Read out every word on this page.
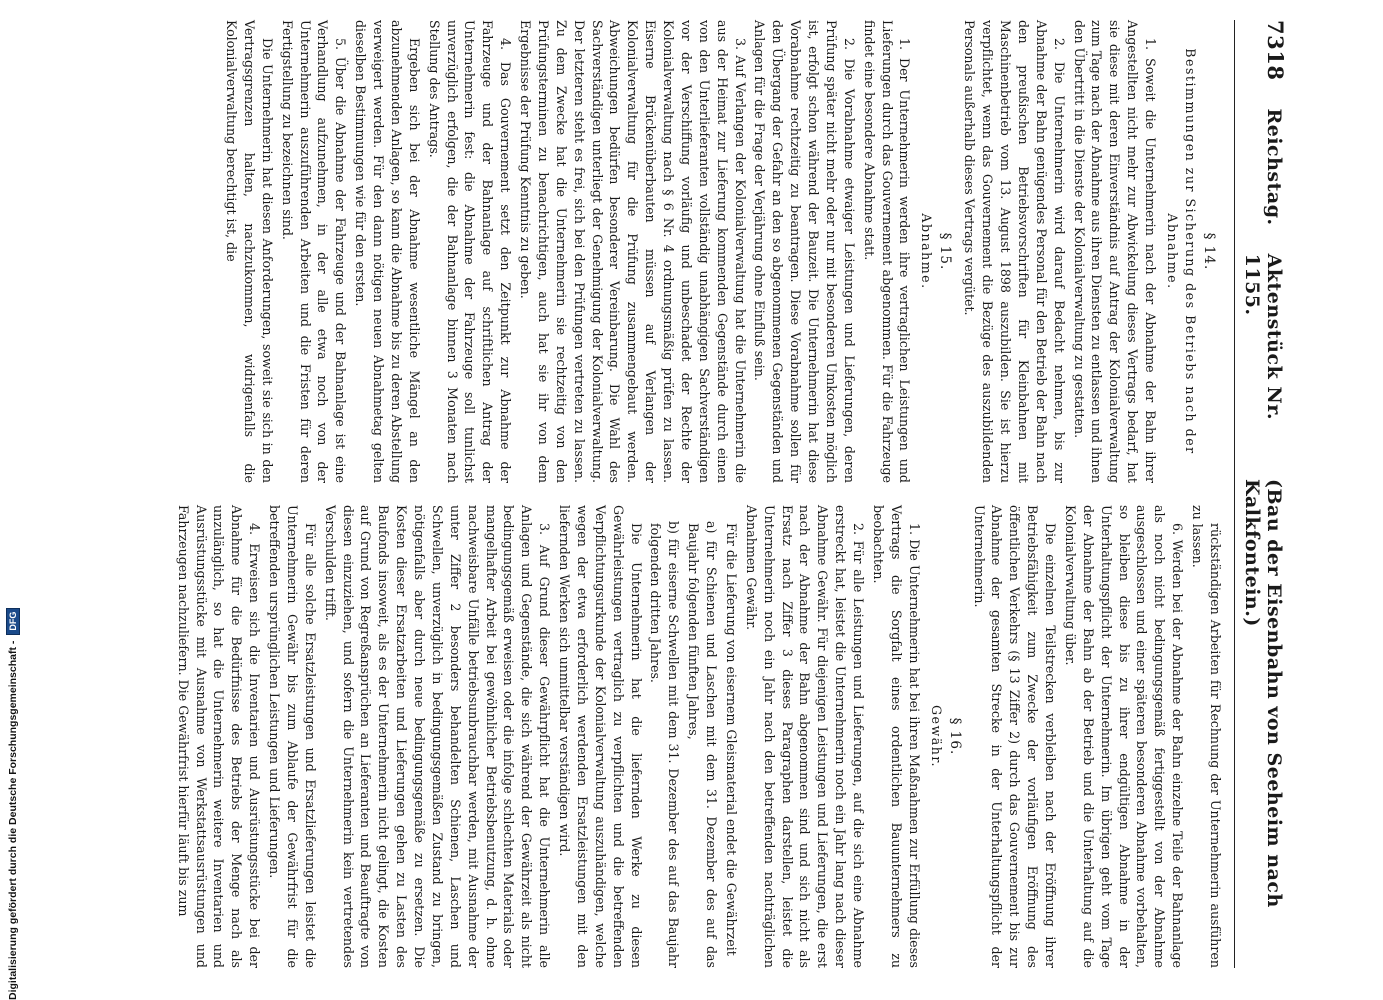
7318
Reichstag.
Aktenstück Nr. 1155.
(Bau der Eisenbahn von Seeheim nach Kalkfontein.)

§ 14.

Bestimmungen zur Sicherung des Betriebs nach der Abnahme.

1. Soweit die Unternehmerin nach der Abnahme der Bahn ihrer Angestellten nicht mehr zur Abwickelung dieses Vertrags bedarf, hat sie diese mit deren Einverständnis auf Antrag der Kolonialverwaltung zum Tage nach der Abnahme aus ihren Diensten zu entlassen und ihnen den Übertritt in die Dienste der Kolonialverwaltung zu gestatten.

2. Die Unternehmerin wird darauf Bedacht nehmen, bis zur Abnahme der Bahn genügendes Personal für den Betrieb der Bahn nach den preußischen Betriebsvorschriften für Kleinbahnen mit Maschinenbetrieb vom 13. August 1898 auszubilden. Sie ist hierzu verpflichtet, wenn das Gouvernement die Bezüge des auszubildenden Personals außerhalb dieses Vertrags vergütet.

§ 15.

Abnahme.

1. Der Unternehmerin werden ihre vertraglichen Leistungen und Lieferungen durch das Gouvernement abgenommen. Für die Fahrzeuge findet eine besondere Abnahme statt.

2. Die Vorabnahme etwaiger Leistungen und Lieferungen, deren Prüfung später nicht mehr oder nur mit besonderen Umkosten möglich ist, erfolgt schon während der Bauzeit. Die Unternehmerin hat diese Vorabnahme rechtzeitig zu beantragen. Diese Vorabnahme sollen für den Übergang der Gefahr an den so abgenommenen Gegenständen und Anlagen für die Frage der Verjährung ohne Einfluß sein.

3. Auf Verlangen der Kolonialverwaltung hat die Unternehmerin die aus der Heimat zur Lieferung kommenden Gegenstände durch einen von den Unterlieferanten vollständig unabhängigen Sachverständigen vor der Verschiffung vorläufig und unbeschadet der Rechte der Kolonialverwaltung nach § 6 Nr. 4 ordnungsmäßig prüfen zu lassen. Eiserne Brückenüberbauten müssen auf Verlangen der Kolonialverwaltung für die Prüfung zusammengebaut werden. Abweichungen bedürfen besonderer Vereinbarung. Die Wahl des Sachverständigen unterliegt der Genehmigung der Kolonialverwaltung. Der letzteren steht es frei, sich bei den Prüfungen vertreten zu lassen. Zu dem Zwecke hat die Unternehmerin sie rechtzeitig von den Prüfungsterminen zu benachrichtigen, auch hat sie ihr von dem Ergebnisse der Prüfung Kenntnis zu geben.

4. Das Gouvernement setzt den Zeitpunkt zur Abnahme der Fahrzeuge und der Bahnanlage auf schriftlichen Antrag der Unternehmerin fest: die Abnahme der Fahrzeuge soll tunlichst unverzüglich erfolgen, die der Bahnanlage binnen 3 Monaten nach Stellung des Antrags.

Ergeben sich bei der Abnahme wesentliche Mängel an den abzunehmenden Anlagen, so kann die Abnahme bis zu deren Abstellung verweigert werden. Für den dann nötigen neuen Abnahmetag gelten dieselben Bestimmungen wie für den ersten.

5. Über die Abnahme der Fahrzeuge und der Bahnanlage ist eine Verhandlung aufzunehmen, in der alle etwa noch von der Unternehmerin auszuführenden Arbeiten und die Fristen für deren Fertigstellung zu bezeichnen sind.

Die Unternehmerin hat diesen Anforderungen, soweit sie sich in den Vertragsgrenzen halten, nachzukommen, widrigenfalls die Kolonialverwaltung berechtigt ist, die

rückständigen Arbeiten für Rechnung der Unternehmerin ausführen zu lassen.

6. Werden bei der Abnahme der Bahn einzelne Teile der Bahnanlage als noch nicht bedingungsgemäß fertiggestellt von der Abnahme ausgeschlossen und einer späteren besonderen Abnahme vorbehalten, so bleiben diese bis zu ihrer endgültigen Abnahme in der Unterhaltungspflicht der Unternehmerin. Im übrigen geht vom Tage der Abnahme der Bahn ab der Betrieb und die Unterhaltung auf die Kolonialverwaltung über.

Die einzelnen Teilstrecken verbleiben nach der Eröffnung ihrer Betriebsfähigkeit zum Zwecke der vorläufigen Eröffnung des öffentlichen Verkehrs (§ 13 Ziffer 2) durch das Gouvernement bis zur Abnahme der gesamten Strecke in der Unterhaltungspflicht der Unternehmerin.

§ 16.

Gewähr.

1. Die Unternehmerin hat bei ihren Maßnahmen zur Erfüllung dieses Vertrags die Sorgfalt eines ordentlichen Bauunternehmers zu beobachten.

2. Für alle Leistungen und Lieferungen, auf die sich eine Abnahme erstreckt hat, leistet die Unternehmerin noch ein Jahr lang nach dieser Abnahme Gewähr. Für diejenigen Leistungen und Lieferungen, die erst nach der Abnahme der Bahn abgenommen sind und sich nicht als Ersatz nach Ziffer 3 dieses Paragraphen darstellen, leistet die Unternehmerin noch ein Jahr nach den betreffenden nachträglichen Abnahmen Gewähr.

Für die Lieferung von eisernem Gleismaterial endet die Gewährzeit

a) für Schienen und Laschen mit dem 31. Dezember des auf das Baujahr folgenden fünften Jahres,

b) für eiserne Schwellen mit dem 31. Dezember des auf das Baujahr folgenden dritten Jahres.

Die Unternehmerin hat die liefernden Werke zu diesen Gewährleistungen vertraglich zu verpflichten und die betreffenden Verpflichtungsurkunde der Kolonialverwaltung auszuhändigen, welche wegen der etwa erforderlich werdenden Ersatzleistungen mit den liefernden Werken sich unmittelbar verständigen wird.

3. Auf Grund dieser Gewährpflicht hat die Unternehmerin alle Anlagen und Gegenstände, die sich während der Gewährzeit als nicht bedingungsgemäß erweisen oder die infolge schlechten Materials oder mangelhafter Arbeit bei gewöhnlicher Betriebsbenutzung, d. h. ohne nachweisbare Unfälle betriebsunbrauchbar werden, mit Ausnahme der unter Ziffer 2 besonders behandelten Schienen, Laschen und Schwellen, unverzüglich in bedingungsgemäßen Zustand zu bringen, nötigenfalls aber durch neue bedingungsgemäße zu ersetzen. Die Kosten dieser Ersatzarbeiten und Lieferungen gehen zu Lasten des Baufonds insoweit, als es der Unternehmerin nicht gelingt, die Kosten auf Grund von Regreßansprüchen an Lieferanten und Beauftragte von diesen einzuziehen, und sofern die Unternehmerin kein vertretendes Verschulden trifft.

Für alle solche Ersatzleistungen und Ersatzlieferungen leistet die Unternehmerin Gewähr bis zum Ablaufe der Gewährfrist für die betreffenden ursprünglichen Leistungen und Lieferungen.

4. Erweisen sich die Inventarien und Ausrüstungsstücke bei der Abnahme für die Bedürfnisse des Betriebs der Menge nach als unzulänglich, so hat die Unternehmerin weitere Inventarien und Ausrüstungsstücke mit Ausnahme von Werkstattsausrüstungen und Fahrzeugen nachzuliefern. Die Gewährfrist hierfür läuft bis zum

Digitalisierung gefördert durch die Deutsche Forschungsgemeinschaft -
DFG
